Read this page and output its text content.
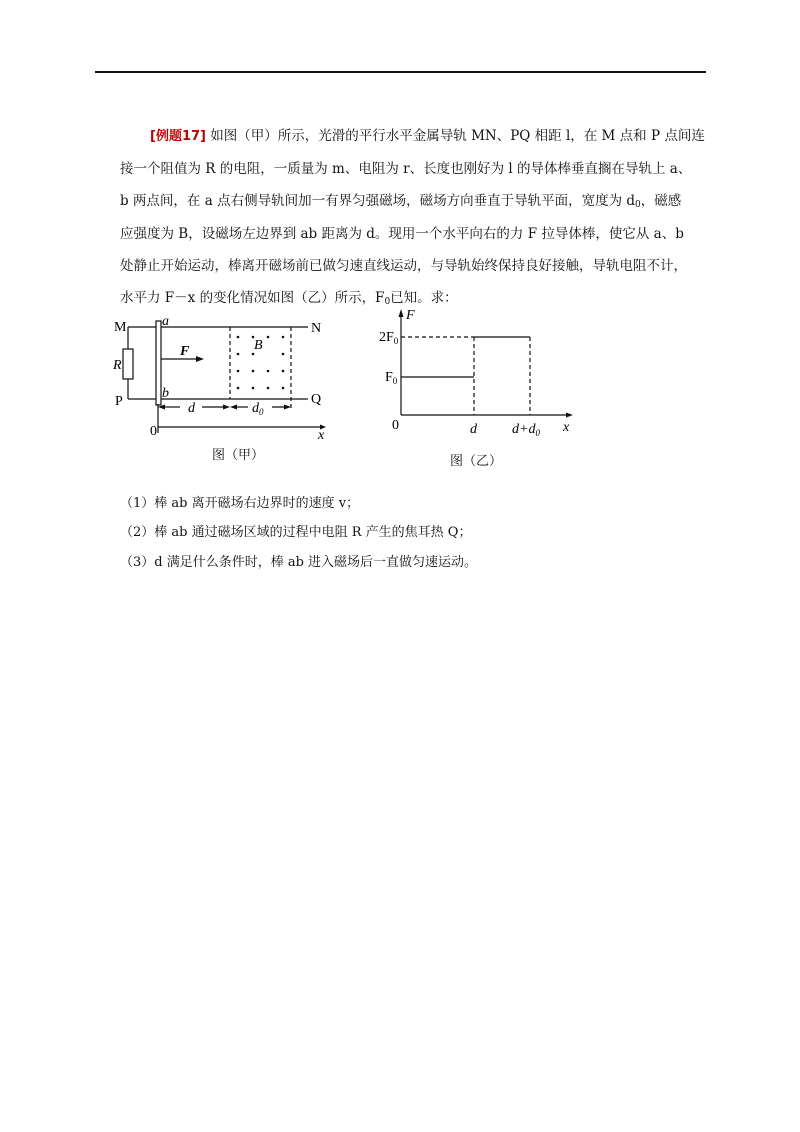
[例题17] 如图（甲）所示，光滑的平行水平金属导轨 MN、PQ 相距 l，在 M 点和 P 点间连
接一个阻值为 R 的电阻，一质量为 m、电阻为 r、长度也刚好为 l 的导体棒垂直搁在导轨上 a、
b 两点间，在 a 点右侧导轨间加一有界匀强磁场，磁场方向垂直于导轨平面，宽度为 $d_0$，磁感
应强度为 B，设磁场左边界到 ab 距离为 d。现用一个水平向右的力 F 拉导体棒，使它从 a、b
处静止开始运动，棒离开磁场前已做匀速直线运动，与导轨始终保持良好接触，导轨电阻不计，
水平力 F－x 的变化情况如图（乙）所示，$F_0$已知。求：
M	N
P	Q
R
a
b
F	B
d	$d_0$
0	x
图（甲）
F
$2F_0$
$F_0$
0	d	$d+d_0$ x
图（乙）
（1）棒 ab 离开磁场右边界时的速度 v；
（2）棒 ab 通过磁场区域的过程中电阻 R 产生的焦耳热 Q；
（3）d 满足什么条件时，棒 ab 进入磁场后一直做匀速运动。
